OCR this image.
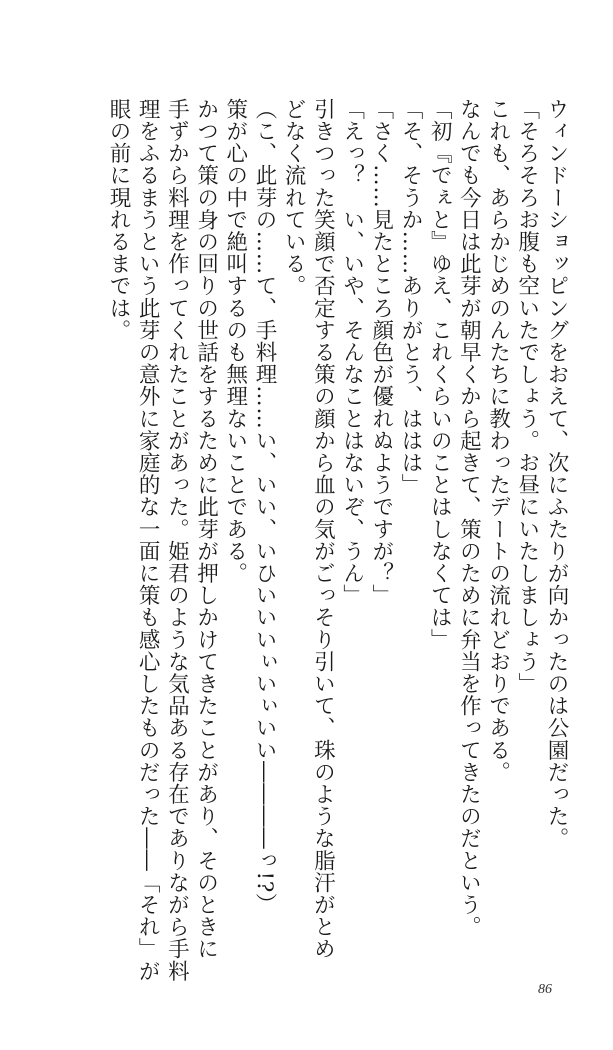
ウィンドーショッピングをおえて、次にふたりが向かったのは公園だった。
「そろそろお腹も空いたでしょう。お昼にいたしましょう」
これも、あらかじめのんたちに教わったデートの流れどおりである。
なんでも今日は此芽が朝早くから起きて、策のために弁当を作ってきたのだという。
「初『でぇと』ゆえ、これくらいのことはしなくては」
「そ、そうか……ありがとう、ははは」
「さく……見たところ顔色が優れぬようですが？」
「えっ？　い、いや、そんなことはないぞ、うん」
引きつった笑顔で否定する策の顔から血の気がごっそり引いて、珠のような脂汗がとめ
どなく流れている。
（こ、此芽の……て、手料理……い、いい、いひいいいぃいぃいい――――っ!?）
策が心の中で絶叫するのも無理ないことである。
かつて策の身の回りの世話をするために此芽が押しかけてきたことがあり、そのときに
手ずから料理を作ってくれたことがあった。姫君のような気品ある存在でありながら手料
理をふるまうという此芽の意外に家庭的な一面に策も感心したものだった――「それ」が
眼の前に現れるまでは。
86
